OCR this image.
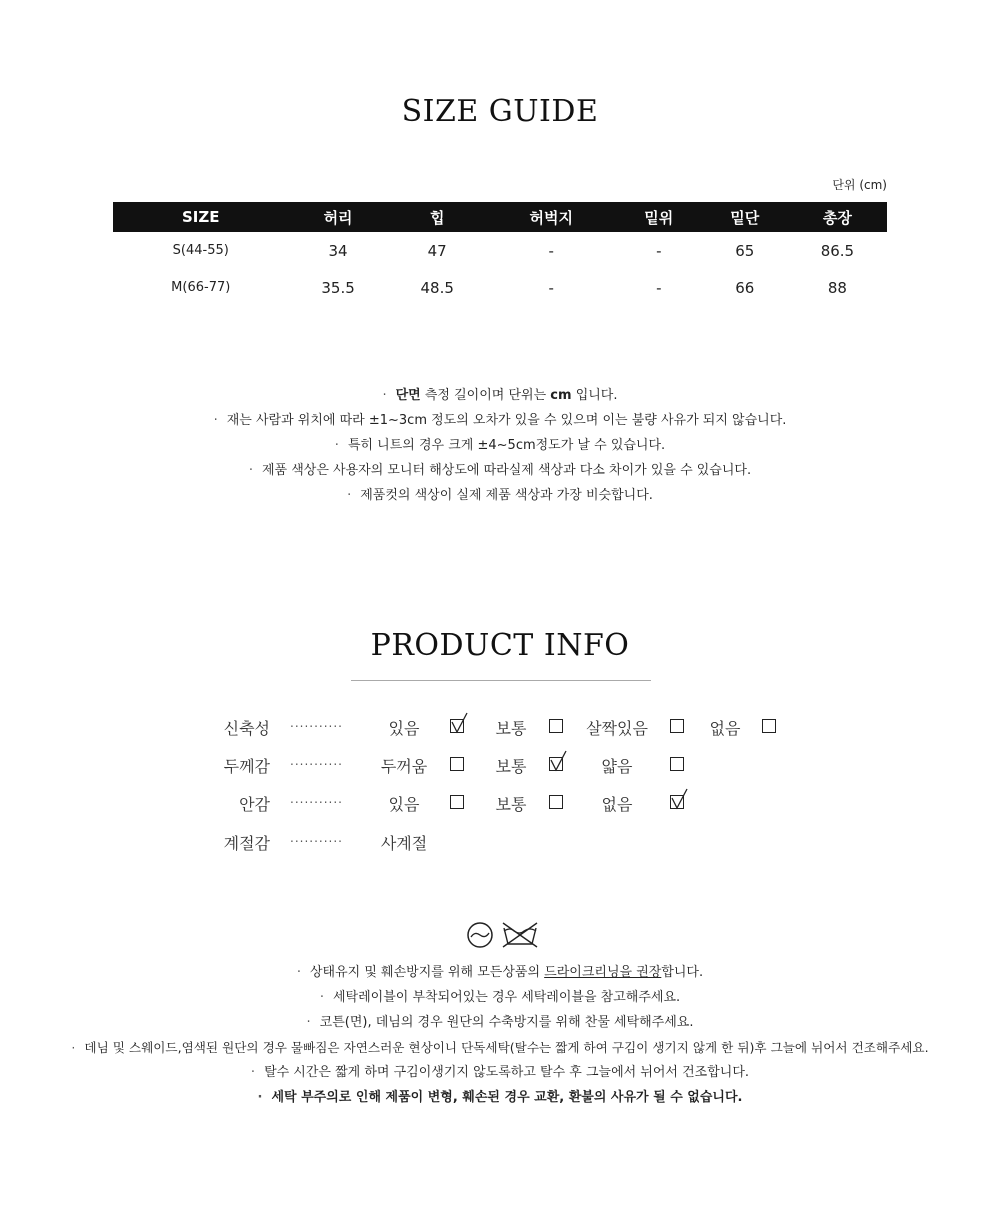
SIZE GUIDE
단위 (cm)
SIZE	허리	힙	허벅지	밑위	밑단	총장
S(44-55)	34	47	-	-	65	86.5
M(66-77)	35.5	48.5	-	-	66	88
· 단면 측정 길이이며 단위는 cm 입니다.
· 재는 사람과 위치에 따라 ±1~3cm 정도의 오차가 있을 수 있으며 이는 불량 사유가 되지 않습니다.
· 특히 니트의 경우 크게 ±4~5cm정도가 날 수 있습니다.
· 제품 색상은 사용자의 모니터 해상도에 따라실제 색상과 다소 차이가 있을 수 있습니다.
· 제품컷의 색상이 실제 제품 색상과 가장 비슷합니다.
PRODUCT INFO
신축성 ...........	있음	보통	살짝있음	없음
두께감 ...........	두꺼움	보통	얇음
안감 ...........	있음	보통	없음
계절감 ...........	사계절
· 상태유지 및 훼손방지를 위해 모든상품의 드라이크리닝을 권장합니다.
· 세탁레이블이 부착되어있는 경우 세탁레이블을 참고해주세요.
· 코튼(면), 데님의 경우 원단의 수축방지를 위해 찬물 세탁해주세요.
· 데님 및 스웨이드,염색된 원단의 경우 물빠짐은 자연스러운 현상이니 단독세탁(탈수는 짧게 하여 구김이 생기지 않게 한 뒤)후 그늘에 뉘어서 건조해주세요.
· 탈수 시간은 짧게 하며 구김이생기지 않도록하고 탈수 후 그늘에서 뉘어서 건조합니다.
· 세탁 부주의로 인해 제품이 변형, 훼손된 경우 교환, 환불의 사유가 될 수 없습니다.
